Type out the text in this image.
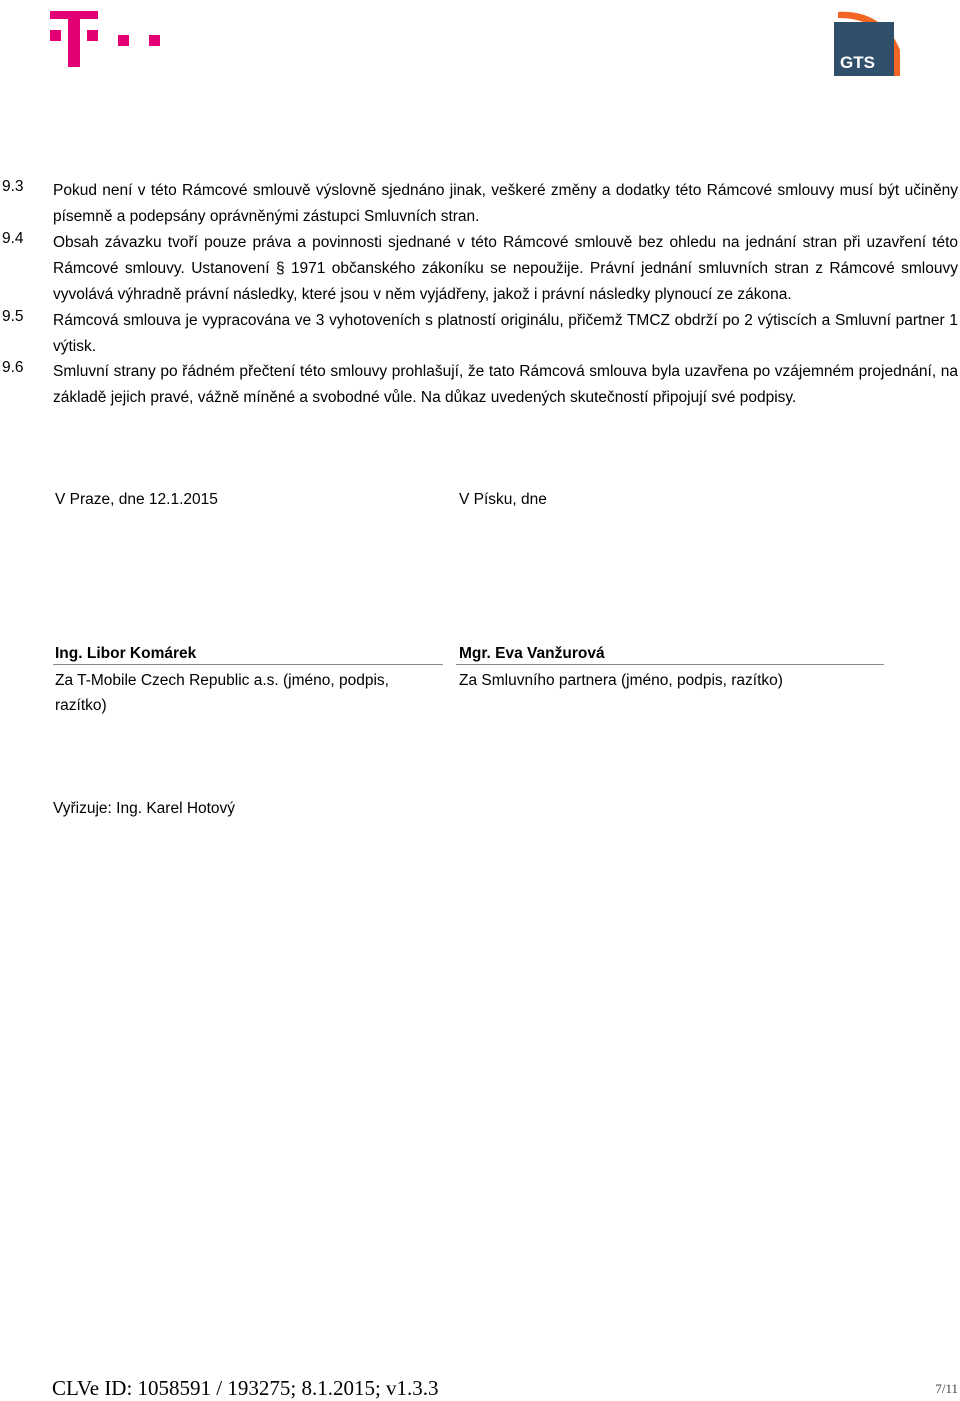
GTS
9.3 Pokud není v této Rámcové smlouvě výslovně sjednáno jinak, veškeré změny a dodatky této Rámcové smlouvy musí být učiněny písemně a podepsány oprávněnými zástupci Smluvních stran.
9.4 Obsah závazku tvoří pouze práva a povinnosti sjednané v této Rámcové smlouvě bez ohledu na jednání stran při uzavření této Rámcové smlouvy. Ustanovení § 1971 občanského zákoníku se nepoužije. Právní jednání smluvních stran z Rámcové smlouvy vyvolává výhradně právní následky, které jsou v něm vyjádřeny, jakož i právní následky plynoucí ze zákona.
9.5 Rámcová smlouva je vypracována ve 3 vyhotoveních s platností originálu, přičemž TMCZ obdrží po 2 výtiscích a Smluvní partner 1 výtisk.
9.6 Smluvní strany po řádném přečtení této smlouvy prohlašují, že tato Rámcová smlouva byla uzavřena po vzájemném projednání, na základě jejich pravé, vážně míněné a svobodné vůle. Na důkaz uvedených skutečností připojují své podpisy.
V Praze, dne 12.1.2015	V Písku, dne
Ing. Libor Komárek
Za T-Mobile Czech Republic a.s. (jméno, podpis,
razítko)
Mgr. Eva Vanžurová
Za Smluvního partnera (jméno, podpis, razítko)
Vyřizuje: Ing. Karel Hotový
CLVe ID: 1058591 / 193275; 8.1.2015; v1.3.3	7/11
